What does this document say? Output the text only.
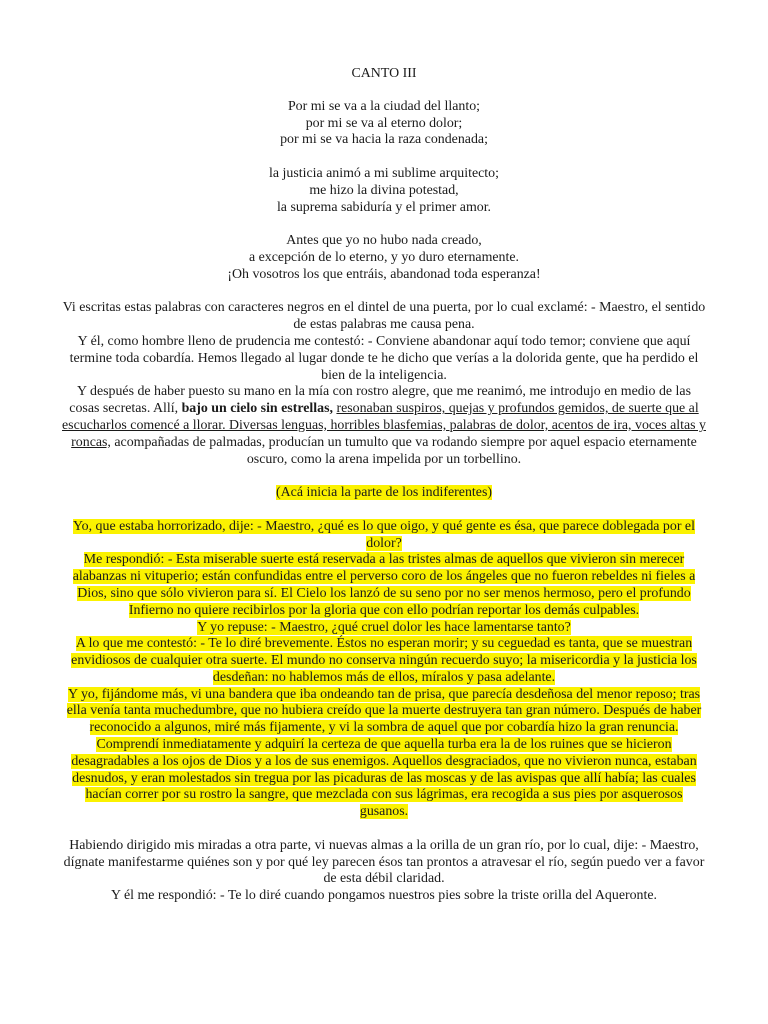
CANTO III
Por mi se va a la ciudad del llanto;
por mi se va al eterno dolor;
por mi se va hacia la raza condenada;
la justicia animó a mi sublime arquitecto;
me hizo la divina potestad,
la suprema sabiduría y el primer amor.
Antes que yo no hubo nada creado,
a excepción de lo eterno, y yo duro eternamente.
¡Oh vosotros los que entráis, abandonad toda esperanza!

Vi escritas estas palabras con caracteres negros en el dintel de una puerta, por lo cual exclamé: - Maestro, el sentido de estas palabras me causa pena.

Y él, como hombre lleno de prudencia me contestó: - Conviene abandonar aquí todo temor; conviene que aquí termine toda cobardía. Hemos llegado al lugar donde te he dicho que verías a la dolorida gente, que ha perdido el bien de la inteligencia.

Y después de haber puesto su mano en la mía con rostro alegre, que me reanimó, me introdujo en medio de las cosas secretas. Allí, bajo un cielo sin estrellas, resonaban suspiros, quejas y profundos gemidos, de suerte que al escucharlos comencé a llorar. Diversas lenguas, horribles blasfemias, palabras de dolor, acentos de ira, voces altas y roncas, acompañadas de palmadas, producían un tumulto que va rodando siempre por aquel espacio eternamente oscuro, como la arena impelida por un torbellino.

(Acá inicia la parte de los indiferentes)

Yo, que estaba horrorizado, dije: - Maestro, ¿qué es lo que oigo, y qué gente es ésa, que parece doblegada por el dolor?

Me respondió: - Esta miserable suerte está reservada a las tristes almas de aquellos que vivieron sin merecer alabanzas ni vituperio; están confundidas entre el perverso coro de los ángeles que no fueron rebeldes ni fieles a Dios, sino que sólo vivieron para sí. El Cielo los lanzó de su seno por no ser menos hermoso, pero el profundo Infierno no quiere recibirlos por la gloria que con ello podrían reportar los demás culpables.

Y yo repuse: - Maestro, ¿qué cruel dolor les hace lamentarse tanto?

A lo que me contestó: - Te lo diré brevemente. Éstos no esperan morir; y su ceguedad es tanta, que se muestran envidiosos de cualquier otra suerte. El mundo no conserva ningún recuerdo suyo; la misericordia y la justicia los desdeñan: no hablemos más de ellos, míralos y pasa adelante.

Y yo, fijándome más, vi una bandera que iba ondeando tan de prisa, que parecía desdeñosa del menor reposo; tras ella venía tanta muchedumbre, que no hubiera creído que la muerte destruyera tan gran número. Después de haber reconocido a algunos, miré más fijamente, y vi la sombra de aquel que por cobardía hizo la gran renuncia. Comprendí inmediatamente y adquirí la certeza de que aquella turba era la de los ruines que se hicieron desagradables a los ojos de Dios y a los de sus enemigos. Aquellos desgraciados, que no vivieron nunca, estaban desnudos, y eran molestados sin tregua por las picaduras de las moscas y de las avispas que allí había; las cuales hacían correr por su rostro la sangre, que mezclada con sus lágrimas, era recogida a sus pies por asquerosos gusanos.

Habiendo dirigido mis miradas a otra parte, vi nuevas almas a la orilla de un gran río, por lo cual, dije: - Maestro, dígnate manifestarme quiénes son y por qué ley parecen ésos tan prontos a atravesar el río, según puedo ver a favor de esta débil claridad.

Y él me respondió: - Te lo diré cuando pongamos nuestros pies sobre la triste orilla del Aqueronte.
